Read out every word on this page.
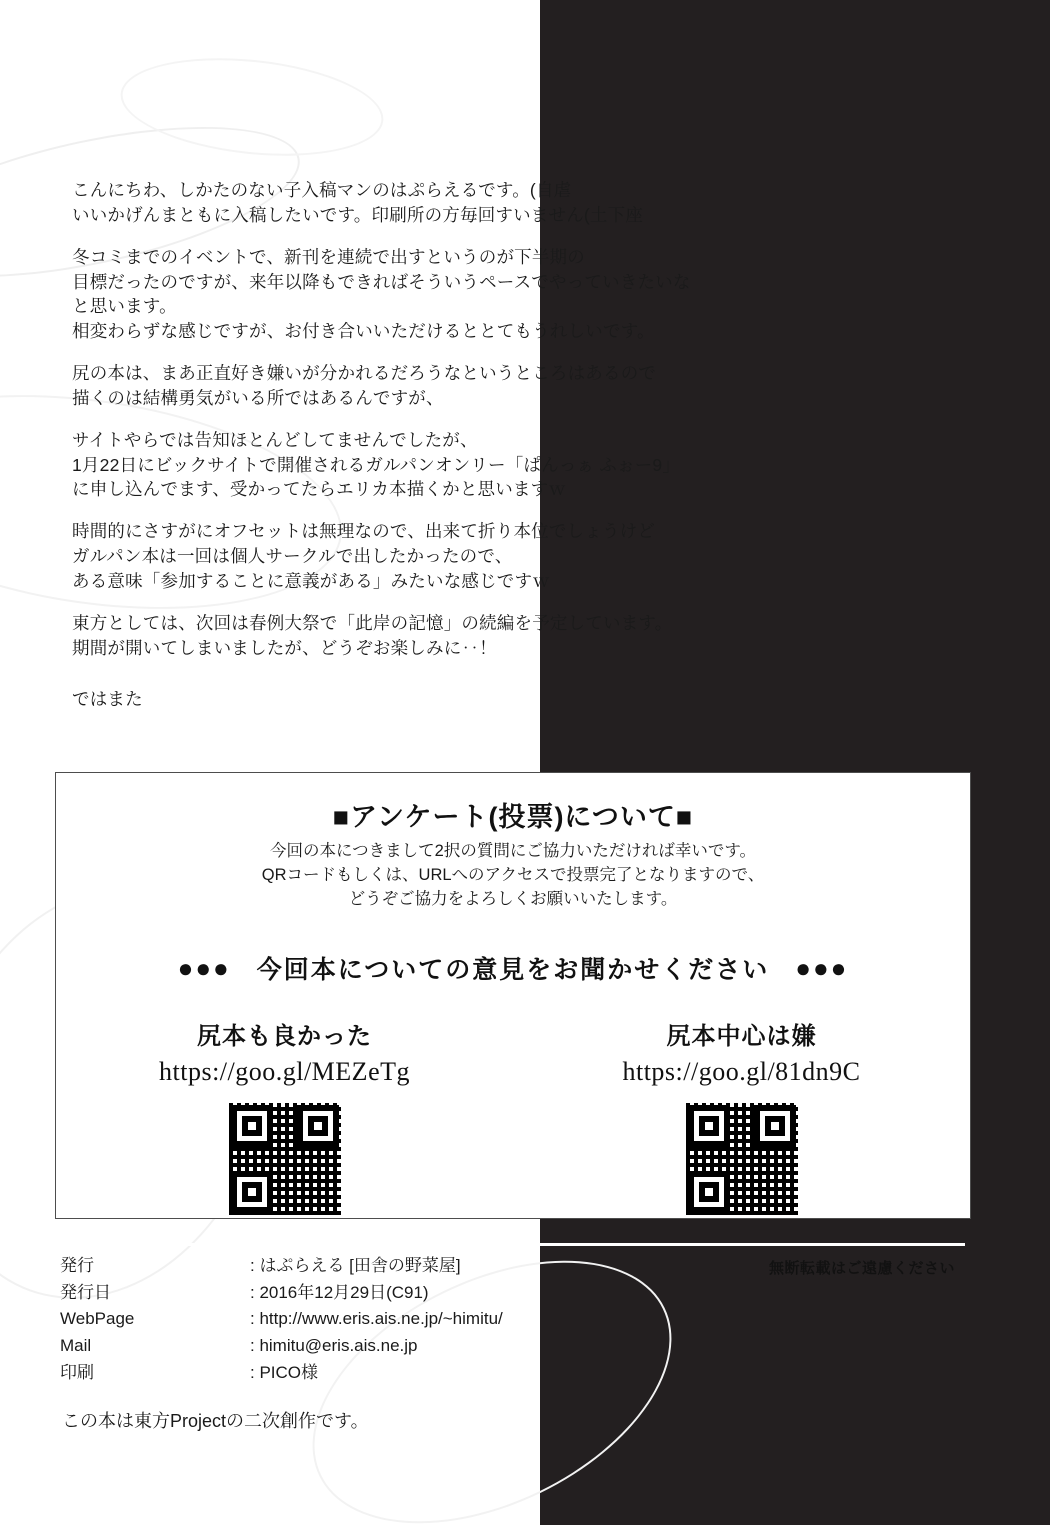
こんにちわ、しかたのない子入稿マンのはぷらえるです。(自虐
いいかげんまともに入稿したいです。印刷所の方毎回すいません(土下座

冬コミまでのイベントで、新刊を連続で出すというのが下半期の
目標だったのですが、来年以降もできればそういうペースでやっていきたいな
と思います。
相変わらずな感じですが、お付き合いいただけるととてもうれしいです。

尻の本は、まあ正直好き嫌いが分かれるだろうなというところはあるので
描くのは結構勇気がいる所ではあるんですが、

サイトやらでは告知ほとんどしてませんでしたが、
1月22日にビックサイトで開催されるガルパンオンリー「ぱんっぁ ふぉー9」
に申し込んでます、受かってたらエリカ本描くかと思いますｗ

時間的にさすがにオフセットは無理なので、出来て折り本位でしょうけど
ガルパン本は一回は個人サークルで出したかったので、
ある意味「参加することに意義がある」みたいな感じですｗ

東方としては、次回は春例大祭で「此岸の記憶」の続編を予定しています。
期間が開いてしまいましたが、どうぞお楽しみに‥！

ではまた

■アンケート(投票)について■
今回の本につきまして2択の質問にご協力いただければ幸いです。
QRコードもしくは、URLへのアクセスで投票完了となりますので、
どうぞご協力をよろしくお願いいたします。
●●● 今回本についての意見をお聞かせください ●●●
尻本も良かった
https://goo.gl/MEZeTg
尻本中心は嫌
https://goo.gl/81dn9C
発行	: はぷらえる [田舎の野菜屋]
発行日	: 2016年12月29日(C91)
WebPage	: http://www.eris.ais.ne.jp/~himitu/
Mail	: himitu@eris.ais.ne.jp
印刷	: PICO様
無断転載はご遠慮ください
この本は東方Projectの二次創作です。
